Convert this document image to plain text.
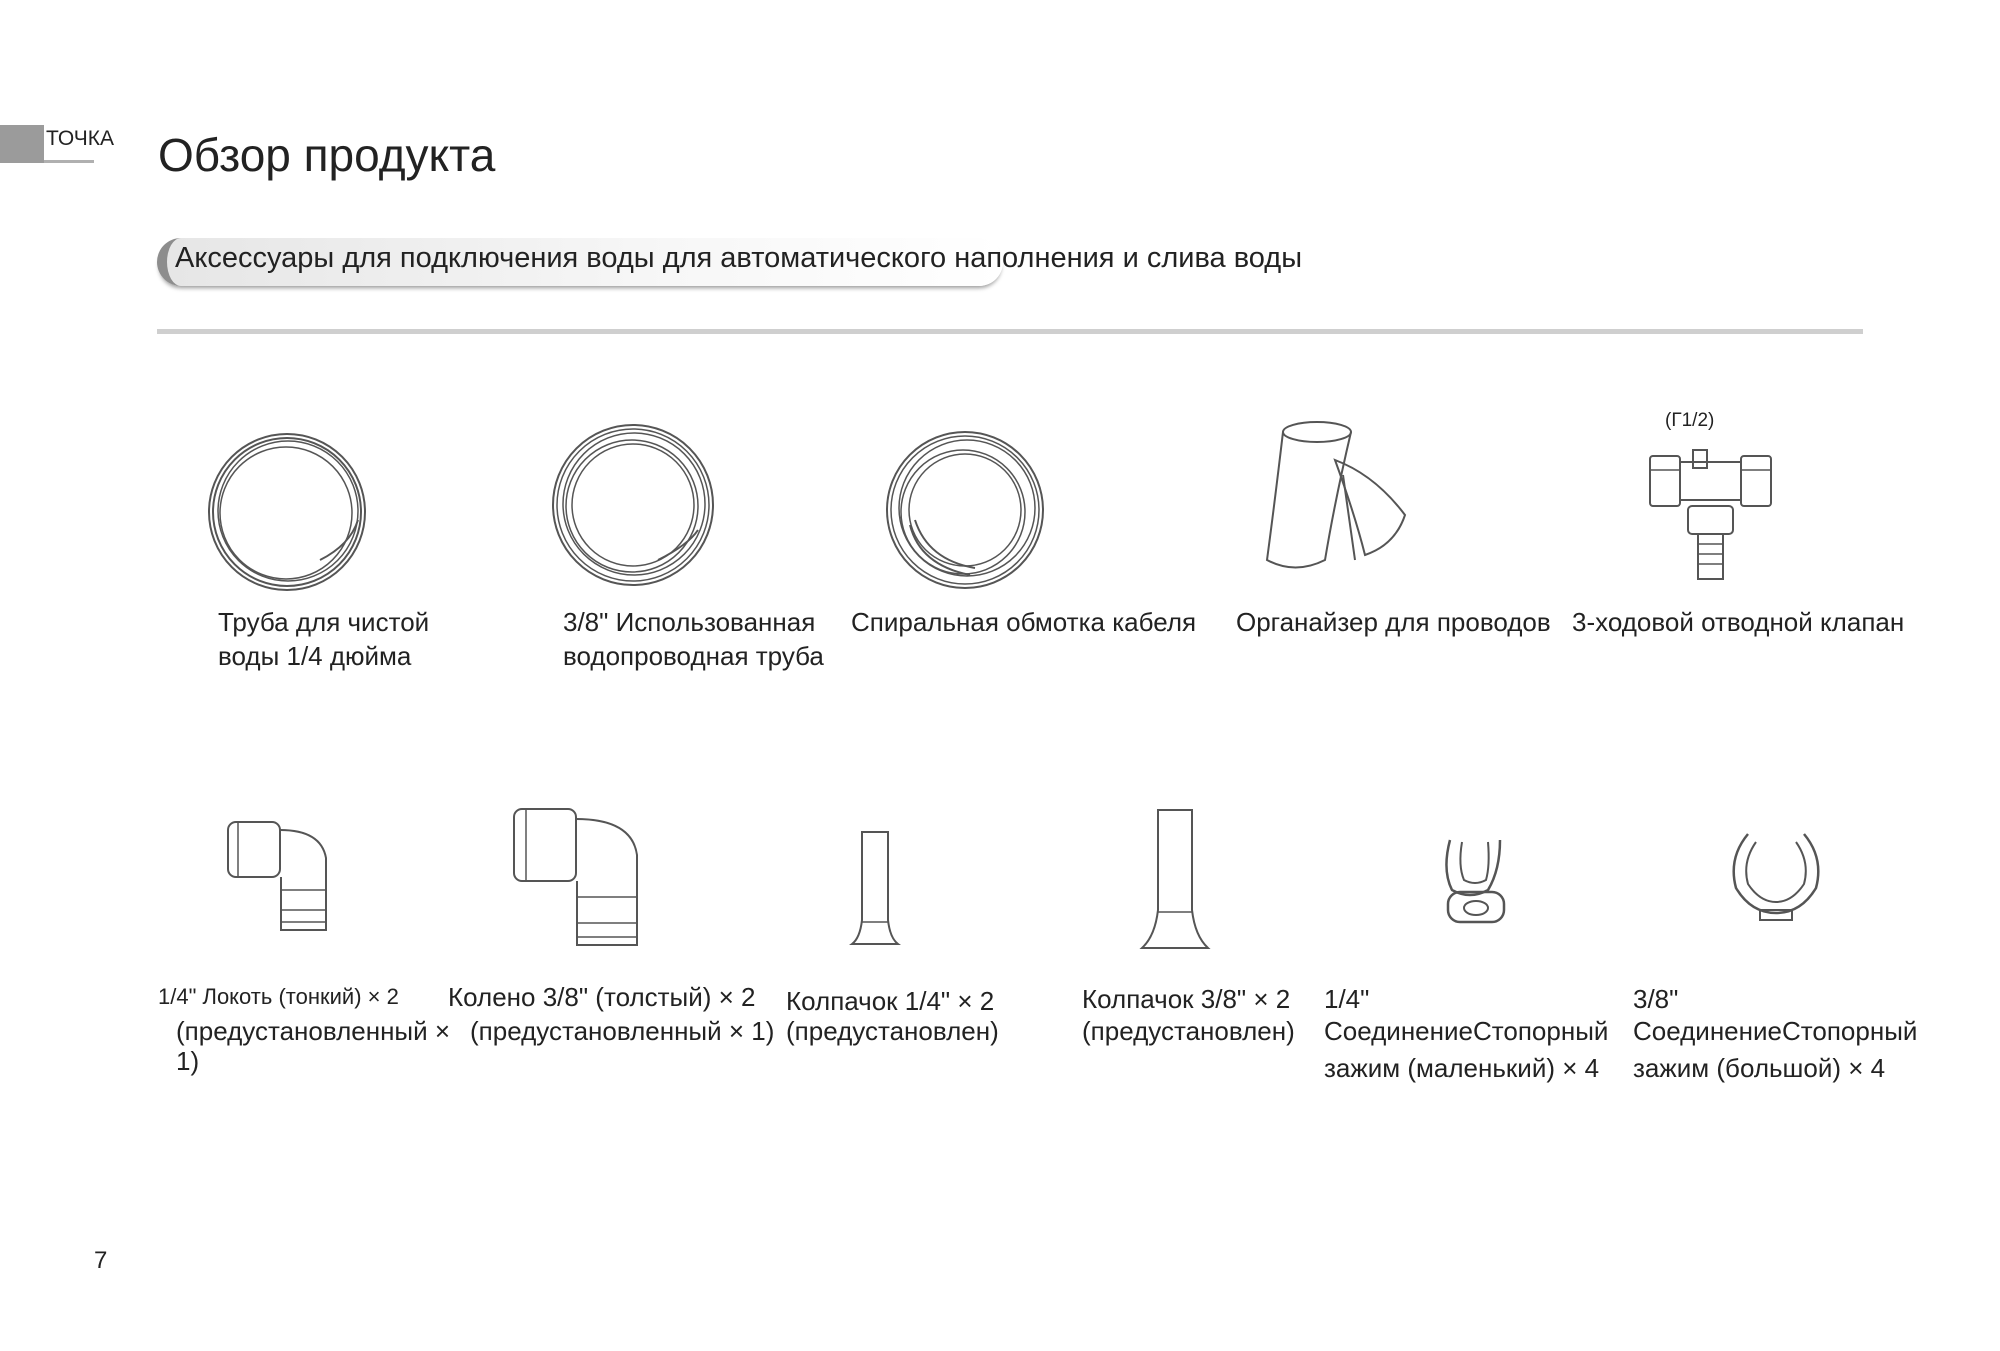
ТОЧКА Обзор продукта
Аксессуары для подключения воды для автоматического наполнения и слива воды
(Г1/2)
Труба для чистой
воды 1/4 дюйма
3/8" Использованная
водопроводная труба
Спиральная обмотка кабеля Органайзер для проводов 3-ходовой отводной клапан
1/4" Локоть (тонкий) × 2
(предустановленный ×
1)
Колено 3/8" (толстый) × 2
(предустановленный × 1)
Колпачок 1/4" × 2
(предустановлен)
Колпачок 3/8" × 2
(предустановлен)
1/4"
СоединениеСтопорный
зажим (маленький) × 4
3/8"
СоединениеСтопорный
зажим (большой) × 4
7
